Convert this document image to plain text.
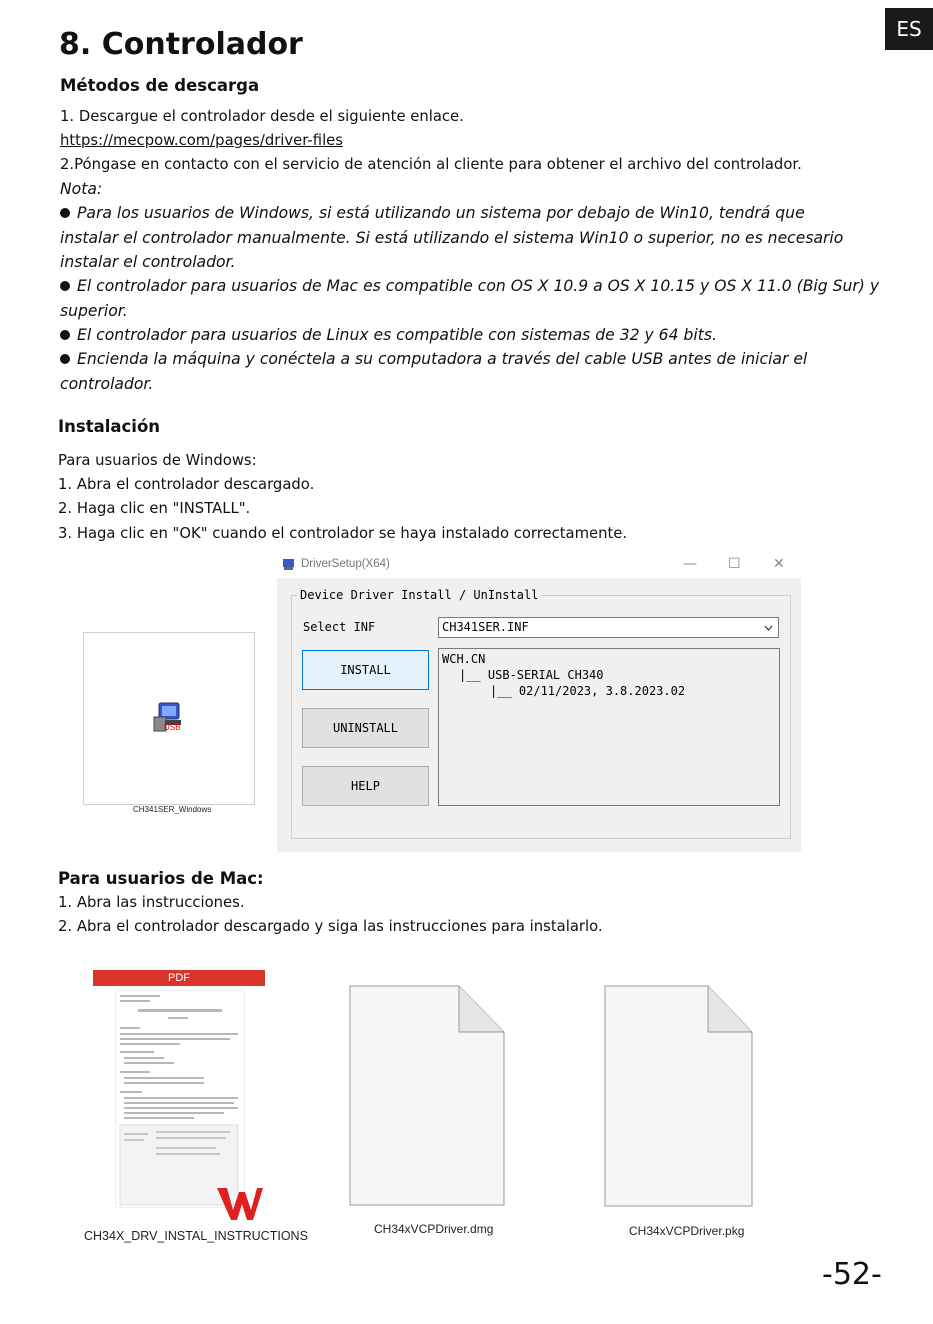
ES
8. Controlador
Métodos de descarga
1. Descargue el controlador desde el siguiente enlace.
https://mecpow.com/pages/driver-files
2.Póngase en contacto con el servicio de atención al cliente para obtener el archivo del controlador.
Nota:
Para los usuarios de Windows, si está utilizando un sistema por debajo de Win10, tendrá que
instalar el controlador manualmente. Si está utilizando el sistema Win10 o superior, no es necesario
instalar el controlador.
El controlador para usuarios de Mac es compatible con OS X 10.9 a OS X 10.15 y OS X 11.0 (Big Sur) y
superior.
El controlador para usuarios de Linux es compatible con sistemas de 32 y 64 bits.
Encienda la máquina y conéctela a su computadora a través del cable USB antes de iniciar el
controlador.
Instalación
Para usuarios de Windows:
1. Abra el controlador descargado.
2. Haga clic en "INSTALL".
3. Haga clic en "OK" cuando el controlador se haya instalado correctamente.
USB
CH341SER_Windows
DriverSetup(X64)	— ☐ ✕
Device Driver Install / UnInstall
Select INF	CH341SER.INF
INSTALL
UNINSTALL
HELP
WCH.CN
|__ USB-SERIAL CH340
|__ 02/11/2023, 3.8.2023.02
Para usuarios de Mac:
1. Abra las instrucciones.
2. Abra el controlador descargado y siga las instrucciones para instalarlo.
PDF
CH34X_DRV_INSTAL_INSTRUCTIONS	CH34xVCPDriver.dmg	CH34xVCPDriver.pkg
-52-
